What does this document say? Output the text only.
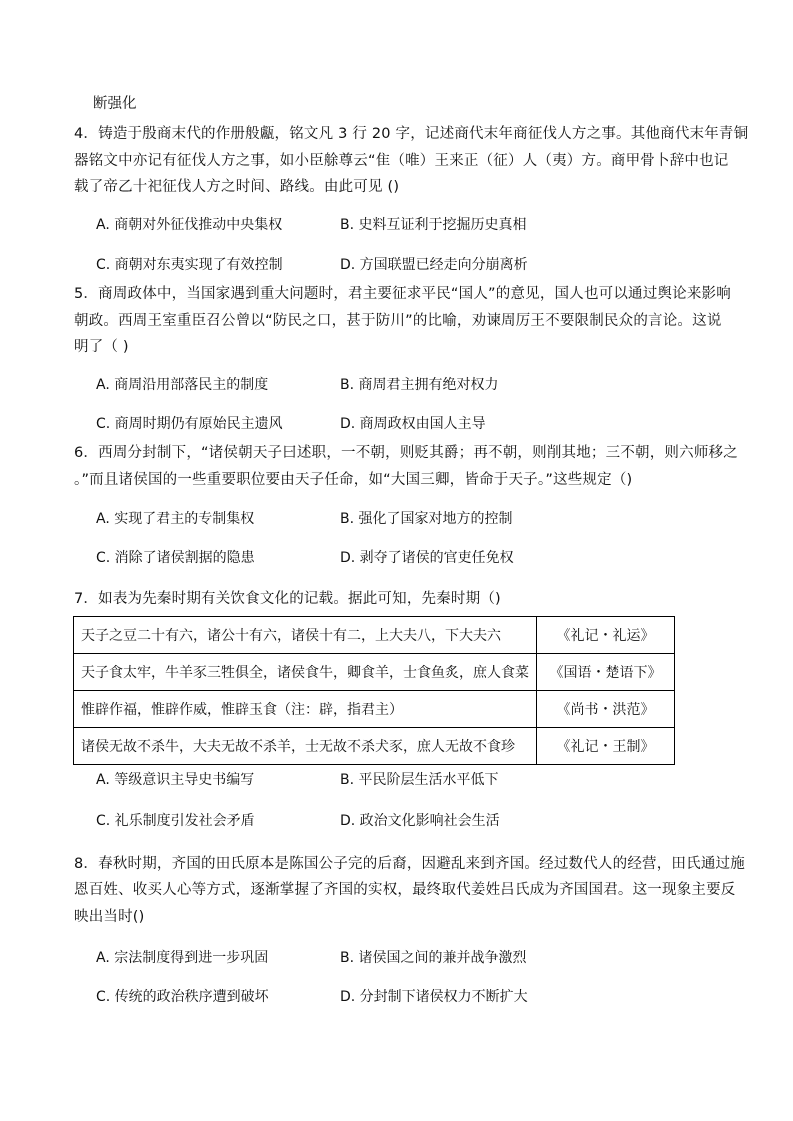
断强化
4．铸造于殷商末代的作册般甗，铭文凡 3 行 20 字，记述商代末年商征伐人方之事。其他商代末年青铜
器铭文中亦记有征伐人方之事，如小臣艅尊云“隹（唯）王来正（征）人（夷）方。商甲骨卜辞中也记
载了帝乙十祀征伐人方之时间、路线。由此可见 ()
A. 商朝对外征伐推动中央集权	B. 史料互证利于挖掘历史真相
C. 商朝对东夷实现了有效控制	D. 方国联盟已经走向分崩离析
5．商周政体中，当国家遇到重大问题时，君主要征求平民“国人”的意见，国人也可以通过舆论来影响
朝政。西周王室重臣召公曾以“防民之口，甚于防川”的比喻，劝谏周厉王不要限制民众的言论。这说
明了（ )
A. 商周沿用部落民主的制度	B. 商周君主拥有绝对权力
C. 商周时期仍有原始民主遗风	D. 商周政权由国人主导
6．西周分封制下，“诸侯朝天子曰述职，一不朝，则贬其爵；再不朝，则削其地；三不朝，则六师移之
。”而且诸侯国的一些重要职位要由天子任命，如“大国三卿，皆命于天子。”这些规定（)
A. 实现了君主的专制集权	B. 强化了国家对地方的控制
C. 消除了诸侯割据的隐患	D. 剥夺了诸侯的官吏任免权
7．如表为先秦时期有关饮食文化的记载。据此可知，先秦时期（)
天子之豆二十有六，诸公十有六，诸侯十有二，上大夫八，下大夫六	《礼记・礼运》
天子食太牢，牛羊豕三牲俱全，诸侯食牛，卿食羊，士食鱼炙，庶人食菜	《国语・楚语下》
惟辟作福，惟辟作威，惟辟玉食（注：辟，指君主）	《尚书・洪范》
诸侯无故不杀牛，大夫无故不杀羊，士无故不杀犬豕，庶人无故不食珍	《礼记・王制》
A. 等级意识主导史书编写	B. 平民阶层生活水平低下
C. 礼乐制度引发社会矛盾	D. 政治文化影响社会生活
8．春秋时期，齐国的田氏原本是陈国公子完的后裔，因避乱来到齐国。经过数代人的经营，田氏通过施
恩百姓、收买人心等方式，逐渐掌握了齐国的实权，最终取代姜姓吕氏成为齐国国君。这一现象主要反
映出当时()
A. 宗法制度得到进一步巩固	B. 诸侯国之间的兼并战争激烈
C. 传统的政治秩序遭到破坏	D. 分封制下诸侯权力不断扩大
